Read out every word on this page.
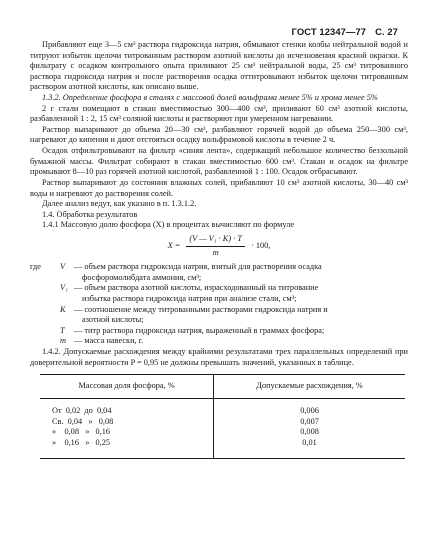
ГОСТ 12347—77 С. 27

Прибавляют еще 3—5 см³ раствора гидроксида натрия, обмывают стенки колбы нейтральной водой и титруют избыток щелочи титрованным раствором азотной кислоты до исчезновения красной окраски. К фильтрату с осадком контрольного опыта приливают 25 см³ нейтральной воды, 25 см³ титрованного раствора гидроксида натрия и после растворения осадка оттитровывают избыток щелочи титрованным раствором азотной кислоты, как описано выше.

1.3.2. Определение фосфора в сталях с массовой долей вольфрама менее 5% и хрома менее 5%

2 г стали помещают в стакан вместимостью 300—400 см³, приливают 60 см³ азотной кислоты, разбавленной 1 : 2, 15 см³ соляной кислоты и растворяют при умеренном нагревании.

Раствор выпаривают до объема 20—30 см³, разбавляют горячей водой до объема 250—300 см³, нагревают до кипения и дают отстояться осадку вольфрамовой кислоты в течение 2 ч.

Осадок отфильтровывают на фильтр «синяя лента», содержащий небольшое количество беззольной бумажной массы. Фильтрат собирают в стакан вместимостью 600 см³. Стакан и осадок на фильтре промывают 8—10 раз горячей азотной кислотой, разбавленной 1 : 100. Осадок отбрасывают.

Раствор выпаривают до состояния влажных солей, прибавляют 10 см³ азотной кислоты, 30—40 см³ воды и нагревают до растворения солей.

Далее анализ ведут, как указано в п. 1.3.1.2.

1.4. Обработка результатов

1.4.1 Массовую долю фосфора (X) в процентах вычисляют по формуле

$X = \frac{\text{(V — V₁ · K) · T}}{m} \cdot 100$,
где	V	— объем раствора гидроксида натрия, взятый для растворения осадка
фосфоромолибдата аммония, см³;
V₁ — объем раствора азотной кислоты, израсходованный на титрование
избытка раствора гидроксида натрия при анализе стали, см³;
K	— соотношение между титрованными растворами гидроксида натрия и
азотной кислоты;
T	— титр раствора гидроксида натрия, выраженный в граммах фосфора;
m — масса навески, г.

1.4.2. Допускаемые расхождения между крайними результатами трех параллельных определений при доверительной вероятности P = 0,95 не должны превышать значений, указанных в таблице.

Массовая доля фосфора, %	Допускаемые расхождения, %
От  0,02  до  0,04	0,006
Св.  0,04   »   0,08	0,007
»    0,08   »   0,16	0,008
»    0,16   »   0,25	0,01
